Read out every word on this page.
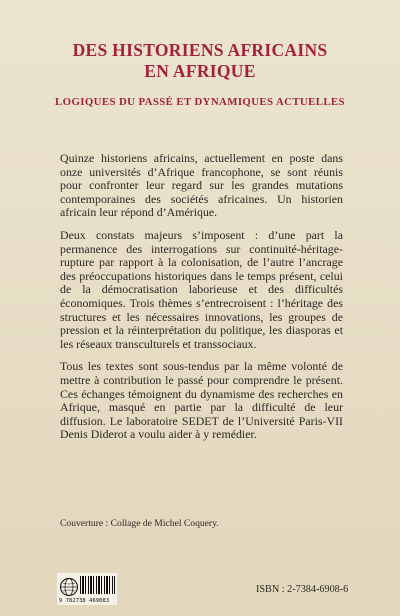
DES HISTORIENS AFRICAINS
EN AFRIQUE
LOGIQUES DU PASSÉ ET DYNAMIQUES ACTUELLES

Quinze historiens africains, actuellement en poste dans onze universités d’Afrique francophone, se sont réunis pour confronter leur regard sur les grandes mutations contemporaines des sociétés africaines. Un historien africain leur répond d’Amérique.

Deux constats majeurs s’imposent : d’une part la permanence des interrogations sur continuité-héritage-rupture par rapport à la colonisation, de l’autre l’ancrage des préoccupations historiques dans le temps présent, celui de la démocratisation laborieuse et des difficultés économiques. Trois thèmes s’entrecroisent : l’héritage des structures et les nécessaires innovations, les groupes de pression et la réinterprétation du politique, les diasporas et les réseaux transculturels et transsociaux.

Tous les textes sont sous-tendus par la même volonté de mettre à contribution le passé pour comprendre le présent. Ces échanges témoignent du dynamisme des recherches en Afrique, masqué en partie par la difficulté de leur diffusion. Le laboratoire SEDET de l’Université Paris-VII Denis Diderot a voulu aider à y remédier.

Couverture : Collage de Michel Coquery.
9 782738 469083
ISBN : 2-7384-6908-6
